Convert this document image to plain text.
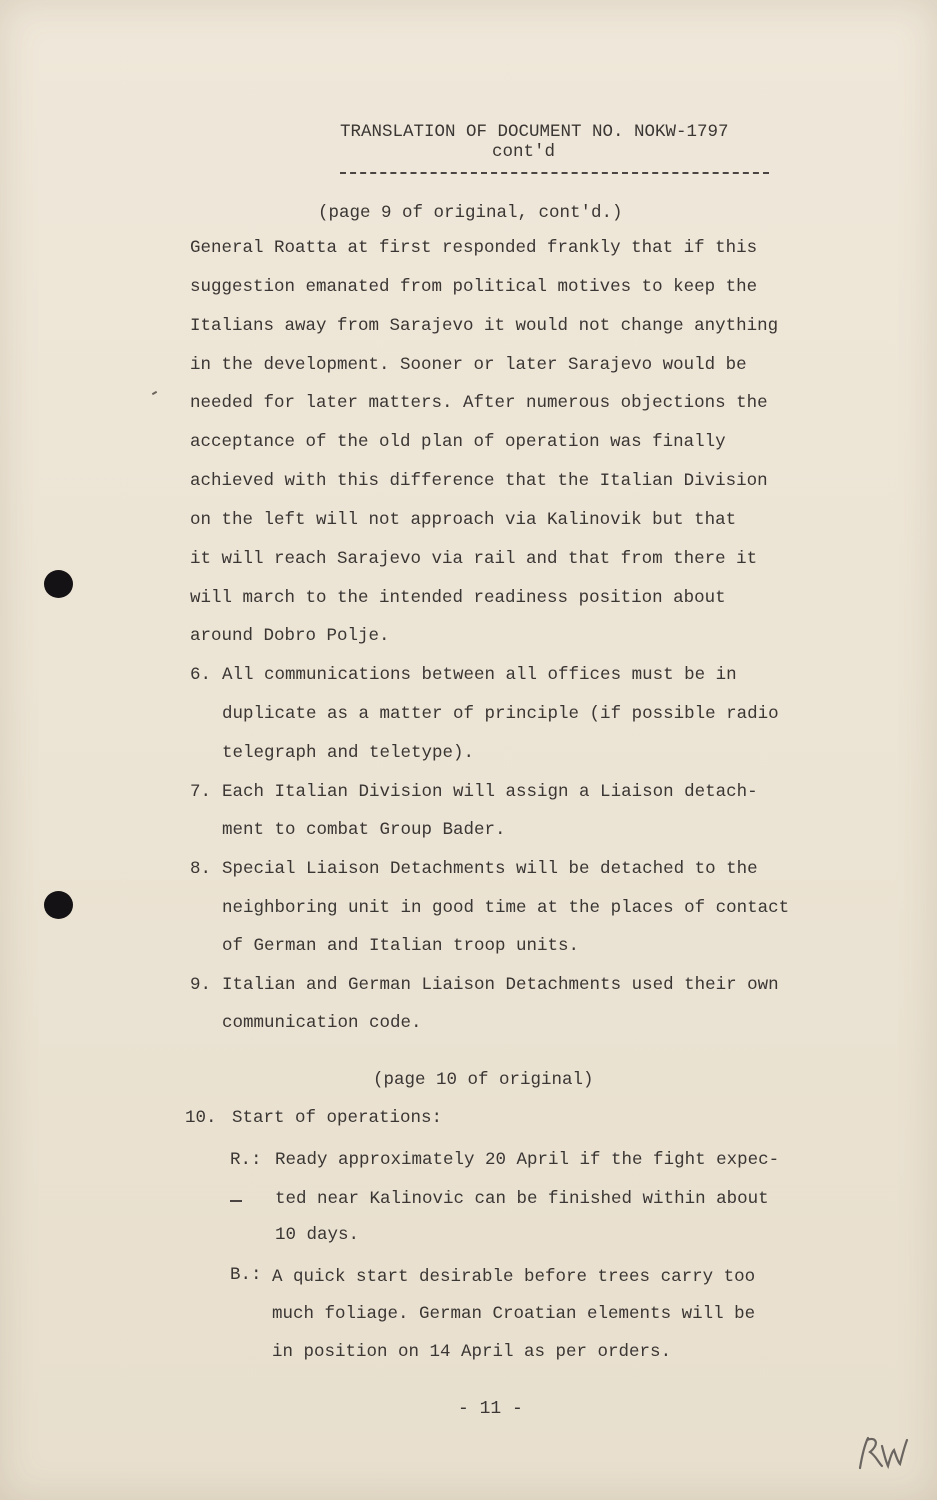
TRANSLATION OF DOCUMENT NO. NOKW-1797
cont'd
(page 9 of original, cont'd.)
General Roatta at first responded frankly that if this
suggestion emanated from political motives to keep the
Italians away from Sarajevo it would not change anything
in the development. Sooner or later Sarajevo would be
needed for later matters. After numerous objections the
acceptance of the old plan of operation was finally
achieved with this difference that the Italian Division
on the left will not approach via Kalinovik but that
it will reach Sarajevo via rail and that from there it
will march to the intended readiness position about
around Dobro Polje.
6. All communications between all offices must be in
duplicate as a matter of principle (if possible radio
telegraph and teletype).
7. Each Italian Division will assign a Liaison detach-
ment to combat Group Bader.
8. Special Liaison Detachments will be detached to the
neighboring unit in good time at the places of contact
of German and Italian troop units.
9. Italian and German Liaison Detachments used their own
communication code.
(page 10 of original)
10. Start of operations:
R.: Ready approximately 20 April if the fight expec-
ted near Kalinovic can be finished within about
10 days.
B.: A quick start desirable before trees carry too
much foliage. German Croatian elements will be
in position on 14 April as per orders.
- 11 -
